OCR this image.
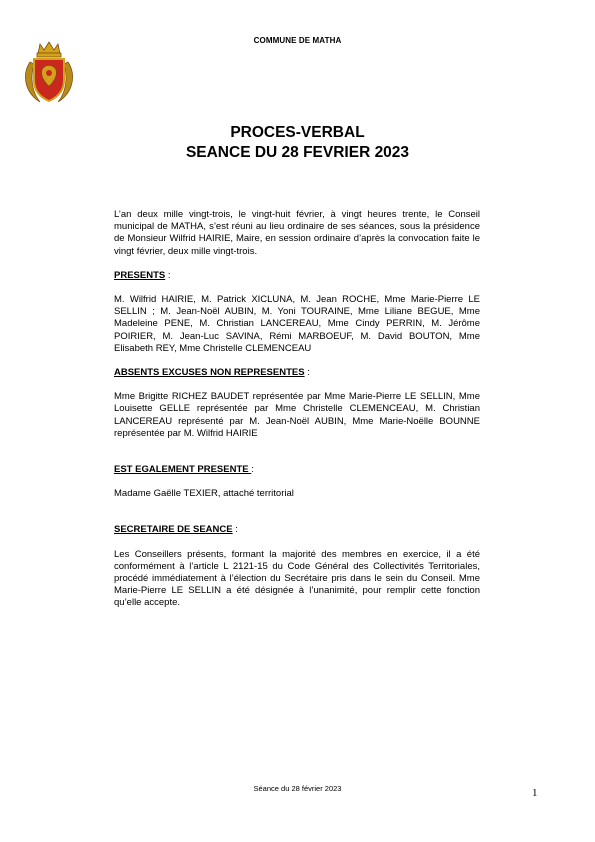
COMMUNE DE MATHA
PROCES-VERBAL
SEANCE DU 28 FEVRIER 2023

L’an deux mille vingt-trois, le vingt-huit février, à vingt heures trente, le Conseil municipal de MATHA, s’est réuni au lieu ordinaire de ses séances, sous la présidence de Monsieur Wilfrid HAIRIE, Maire, en session ordinaire d’après la convocation faite le vingt février, deux mille vingt-trois.

PRESENTS :

M. Wilfrid HAIRIE, M. Patrick XICLUNA, M. Jean ROCHE, Mme Marie-Pierre LE SELLIN ; M. Jean-Noël AUBIN, M. Yoni TOURAINE, Mme Liliane BEGUE, Mme Madeleine PENE, M. Christian LANCEREAU, Mme Cindy PERRIN, M. Jérôme POIRIER, M. Jean-Luc SAVINA, Rémi MARBOEUF, M. David BOUTON, Mme Elisabeth REY, Mme Christelle CLEMENCEAU

ABSENTS EXCUSES NON REPRESENTES :

Mme Brigitte RICHEZ BAUDET représentée par Mme Marie-Pierre LE SELLIN, Mme Louisette GELLE représentée par Mme Christelle CLEMENCEAU, M. Christian LANCEREAU représenté par M. Jean-Noël AUBIN, Mme Marie-Noëlle BOUNNE représentée par M. Wilfrid HAIRIE

EST EGALEMENT PRESENTE :

Madame Gaëlle TEXIER, attaché territorial

SECRETAIRE DE SEANCE :

Les Conseillers présents, formant la majorité des membres en exercice, il a été conformément à l’article L 2121-15 du Code Général des Collectivités Territoriales, procédé immédiatement à l’élection du Secrétaire pris dans le sein du Conseil. Mme Marie-Pierre LE SELLIN a été désignée à l’unanimité, pour remplir cette fonction qu’elle accepte.

Séance du 28 février 2023	1
